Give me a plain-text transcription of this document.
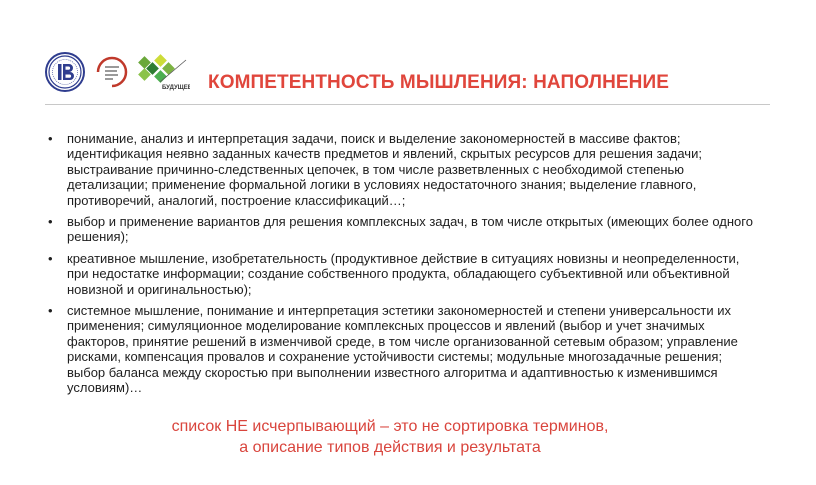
БУДУЩЕЕ КОМПЕТЕНТНОСТЬ МЫШЛЕНИЯ: НАПОЛНЕНИЕ
• понимание, анализ и интерпретация задачи, поиск и выделение закономерностей в массиве фактов; идентификация неявно заданных качеств предметов и явлений, скрытых ресурсов для решения задачи; выстраивание причинно-следственных цепочек, в том числе разветвленных с необходимой степенью детализации; применение формальной логики в условиях недостаточного знания; выделение главного, противоречий, аналогий, построение классификаций…;
• выбор и применение вариантов для решения комплексных задач, в том числе открытых (имеющих более одного решения);
• креативное мышление, изобретательность (продуктивное действие в ситуациях новизны и неопределенности, при недостатке информации; создание собственного продукта, обладающего субъективной или объективной новизной и оригинальностью);
• системное мышление, понимание и интерпретация эстетики закономерностей и степени универсальности их применения; симуляционное моделирование комплексных процессов и явлений (выбор и учет значимых факторов, принятие решений в изменчивой среде, в том числе организованной сетевым образом; управление рисками, компенсация провалов и сохранение устойчивости системы; модульные многозадачные решения; выбор баланса между скоростью при выполнении известного алгоритма и адаптивностью к изменившимся условиям)…
список НЕ исчерпывающий – это не сортировка терминов,
а описание типов действия и результата
